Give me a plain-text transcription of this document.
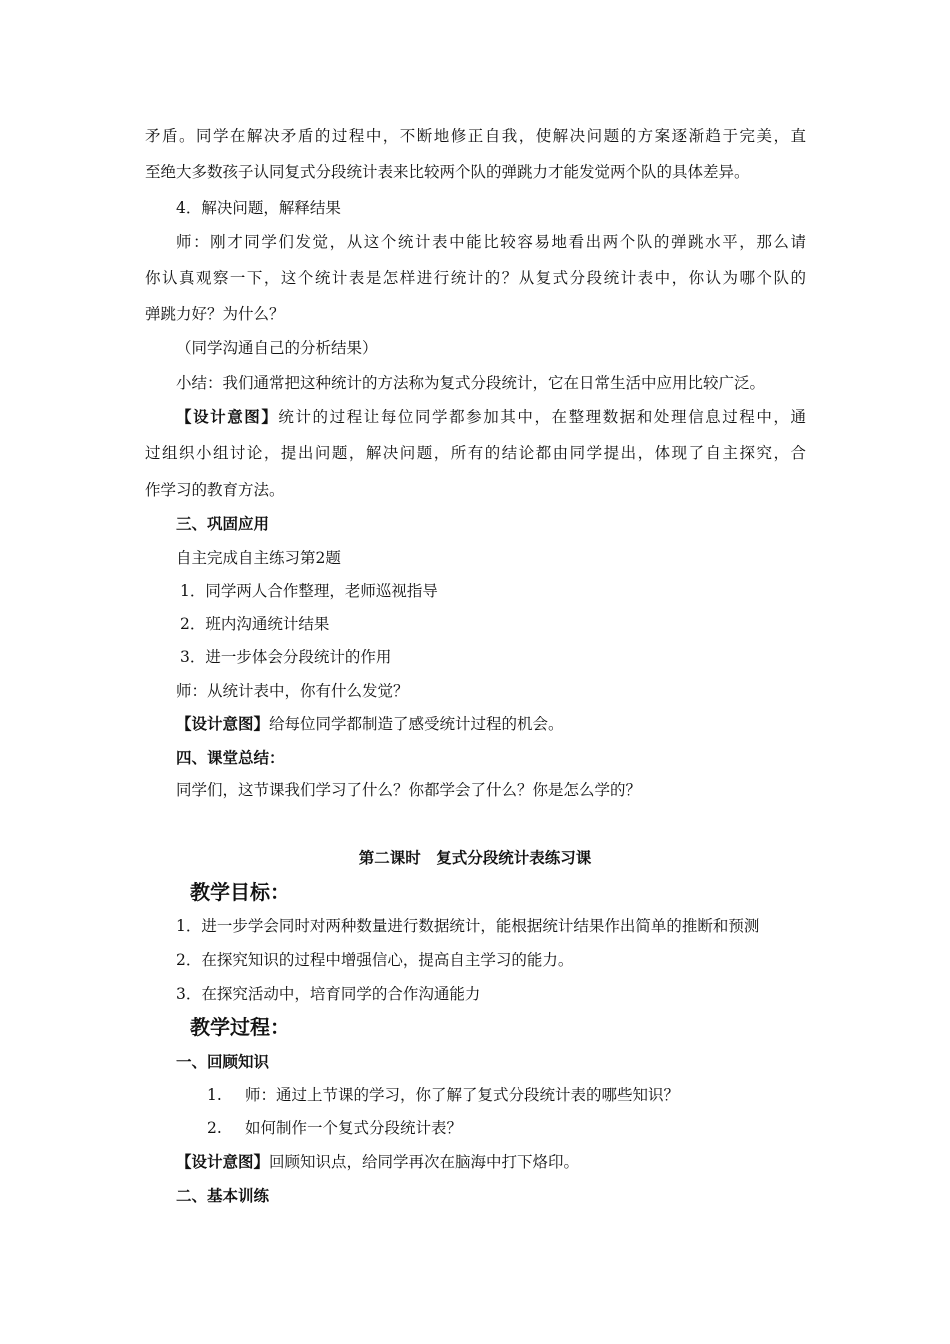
矛盾。同学在解决矛盾的过程中，不断地修正自我，使解决问题的方案逐渐趋于完美，直
至绝大多数孩子认同复式分段统计表来比较两个队的弹跳力才能发觉两个队的具体差异。
4．解决问题，解释结果
师：刚才同学们发觉，从这个统计表中能比较容易地看出两个队的弹跳水平，那么请
你认真观察一下，这个统计表是怎样进行统计的？从复式分段统计表中，你认为哪个队的
弹跳力好？为什么？
（同学沟通自己的分析结果）
小结：我们通常把这种统计的方法称为复式分段统计，它在日常生活中应用比较广泛。
【设计意图】统计的过程让每位同学都参加其中，在整理数据和处理信息过程中，通
过组织小组讨论，提出问题，解决问题，所有的结论都由同学提出，体现了自主探究，合
作学习的教育方法。
三、巩固应用
自主完成自主练习第2题
1．同学两人合作整理，老师巡视指导
2．班内沟通统计结果
3．进一步体会分段统计的作用
师：从统计表中，你有什么发觉？
【设计意图】给每位同学都制造了感受统计过程的机会。
四、课堂总结：
同学们，这节课我们学习了什么？你都学会了什么？你是怎么学的？
第二课时　复式分段统计表练习课
教学目标：
1．进一步学会同时对两种数量进行数据统计，能根据统计结果作出简单的推断和预测
2．在探究知识的过程中增强信心，提高自主学习的能力。
3．在探究活动中，培育同学的合作沟通能力
教学过程：
一、回顾知识
1. 师：通过上节课的学习，你了解了复式分段统计表的哪些知识？
2. 如何制作一个复式分段统计表？
【设计意图】回顾知识点，给同学再次在脑海中打下烙印。
二、基本训练
